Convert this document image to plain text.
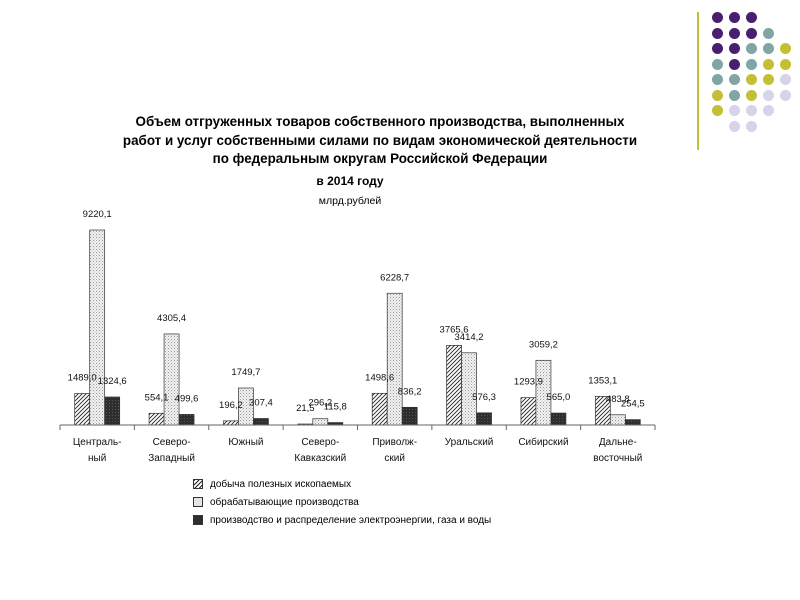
Объем отгруженных товаров собственного производства, выполненных
работ и услуг собственными силами по видам экономической деятельности
по федеральным округам Российской Федерации
в 2014 году
млрд.рублей
1489,0
9220,1
1324,6
554,1
4305,4
499,6
196,2
1749,7
307,4
21,5
296,2
115,8
1498,6
6228,7
836,2
3765,6
3414,2
576,3
1293,9
3059,2
565,0
1353,1
483,8
254,5
Централь-
ный
Северо-
Западный
Южный	Северо-
Кавказский
Приволж-
ский
Уральский Сибирский	Дальне-
восточный
добыча полезных ископаемых
обрабатывающие производства
производство и распределение электроэнергии, газа и воды
